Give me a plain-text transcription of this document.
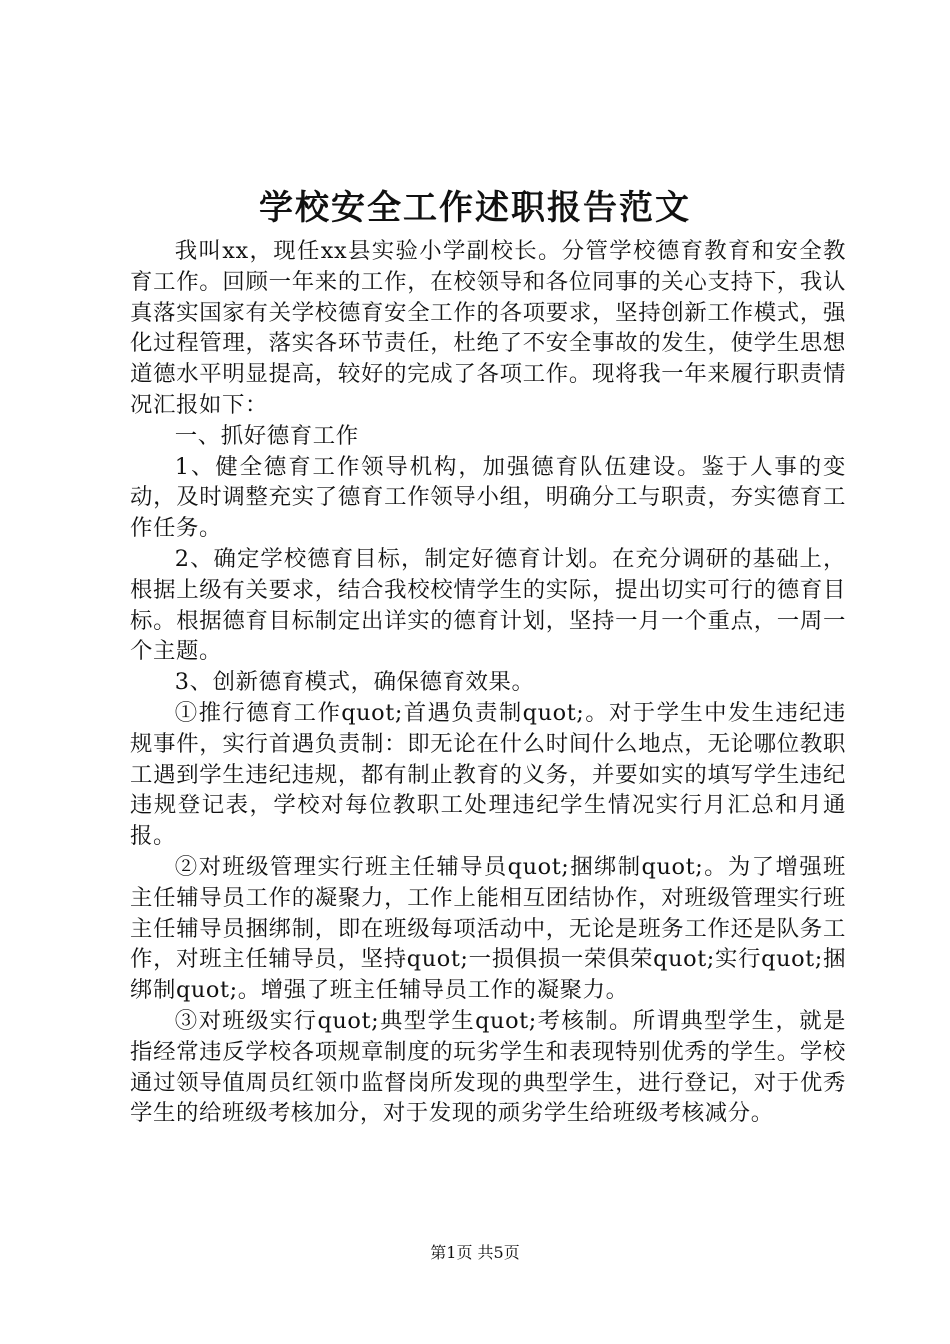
学校安全工作述职报告范文

我叫xx，现任xx县实验小学副校长。分管学校德育教育和安全教育工作。回顾一年来的工作，在校领导和各位同事的关心支持下，我认真落实国家有关学校德育安全工作的各项要求，坚持创新工作模式，强化过程管理，落实各环节责任，杜绝了不安全事故的发生，使学生思想道德水平明显提高，较好的完成了各项工作。现将我一年来履行职责情况汇报如下：

一、抓好德育工作

1、健全德育工作领导机构，加强德育队伍建设。鉴于人事的变动，及时调整充实了德育工作领导小组，明确分工与职责，夯实德育工作任务。

2、确定学校德育目标，制定好德育计划。在充分调研的基础上，根据上级有关要求，结合我校校情学生的实际，提出切实可行的德育目标。根据德育目标制定出详实的德育计划，坚持一月一个重点，一周一个主题。

3、创新德育模式，确保德育效果。

①推行德育工作quot;首遇负责制quot;。对于学生中发生违纪违规事件，实行首遇负责制：即无论在什么时间什么地点，无论哪位教职工遇到学生违纪违规，都有制止教育的义务，并要如实的填写学生违纪违规登记表，学校对每位教职工处理违纪学生情况实行月汇总和月通报。

②对班级管理实行班主任辅导员quot;捆绑制quot;。为了增强班主任辅导员工作的凝聚力，工作上能相互团结协作，对班级管理实行班主任辅导员捆绑制，即在班级每项活动中，无论是班务工作还是队务工作，对班主任辅导员，坚持quot;一损俱损一荣俱荣quot;实行quot;捆绑制quot;。增强了班主任辅导员工作的凝聚力。

③对班级实行quot;典型学生quot;考核制。所谓典型学生，就是指经常违反学校各项规章制度的玩劣学生和表现特别优秀的学生。学校通过领导值周员红领巾监督岗所发现的典型学生，进行登记，对于优秀学生的给班级考核加分，对于发现的顽劣学生给班级考核减分。

第1页 共5页
